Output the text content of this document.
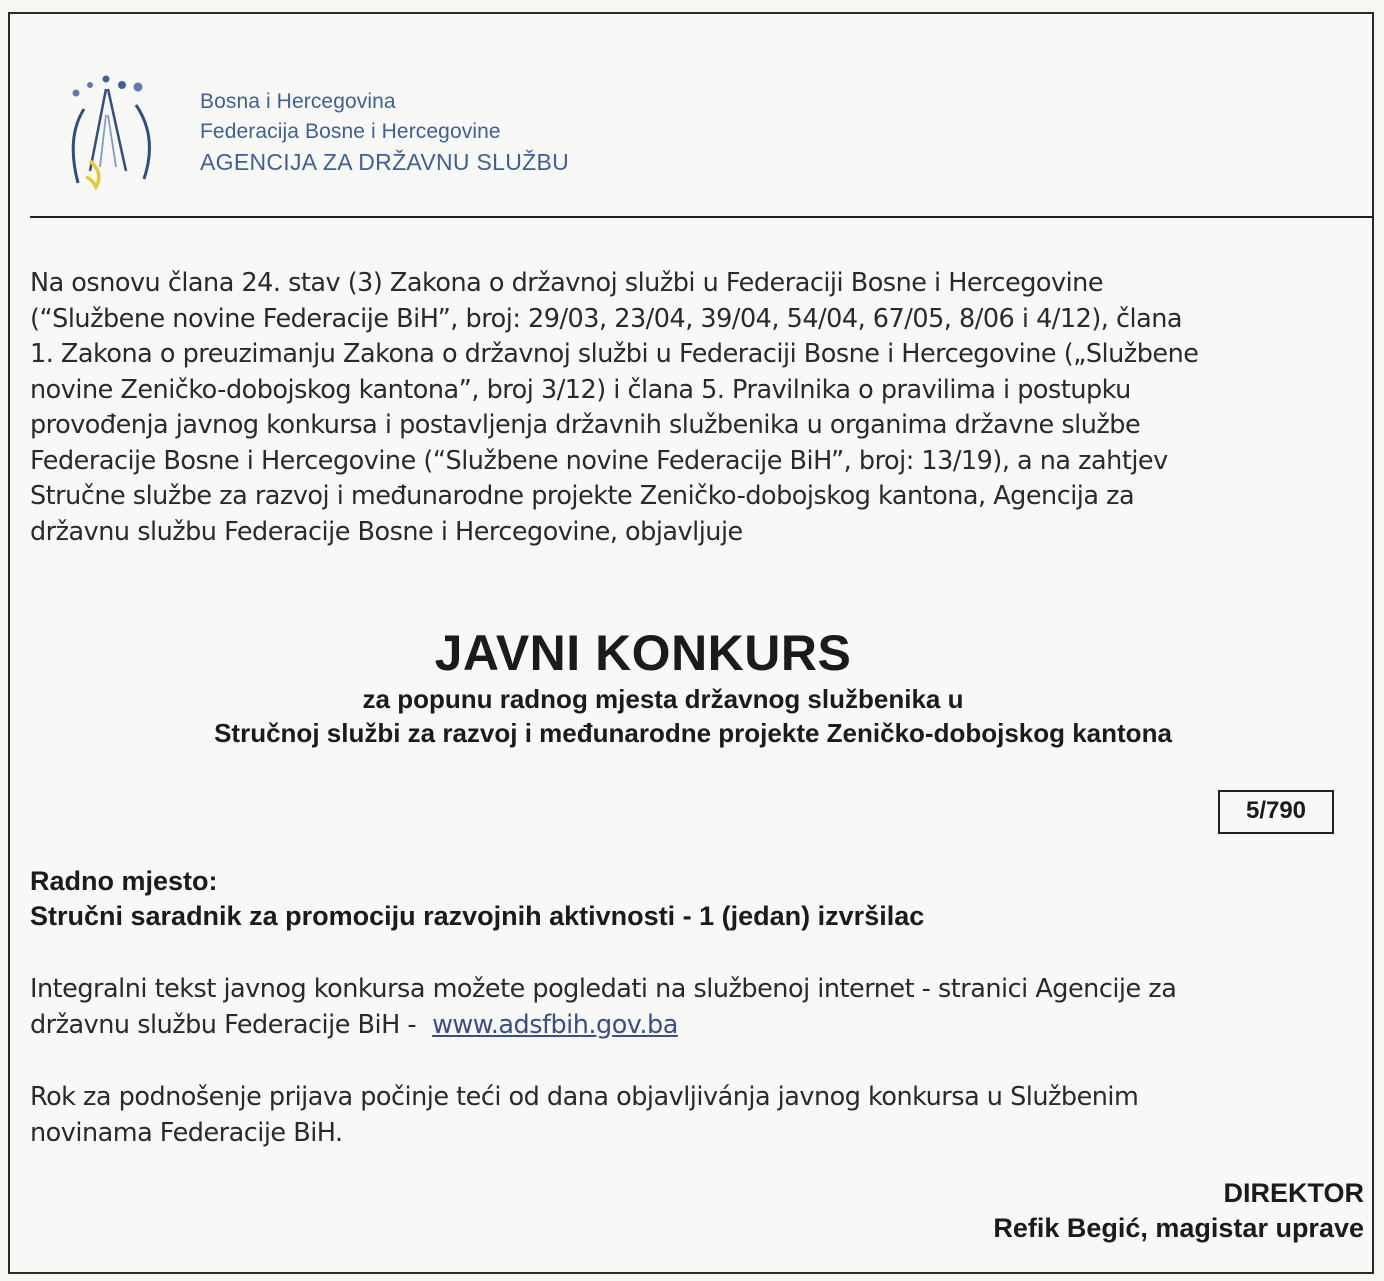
Bosna i Hercegovina
Federacija Bosne i Hercegovine
AGENCIJA ZA DRŽAVNU SLUŽBU
Na osnovu člana 24. stav (3) Zakona o državnoj službi u Federaciji Bosne i Hercegovine
(“Službene novine Federacije BiH”, broj: 29/03, 23/04, 39/04, 54/04, 67/05, 8/06 i 4/12), člana
1. Zakona o preuzimanju Zakona o državnoj službi u Federaciji Bosne i Hercegovine („Službene
novine Zeničko-dobojskog kantona”, broj 3/12) i člana 5. Pravilnika o pravilima i postupku
provođenja javnog konkursa i postavljenja državnih službenika u organima državne službe
Federacije Bosne i Hercegovine (“Službene novine Federacije BiH”, broj: 13/19), a na zahtjev
Stručne službe za razvoj i međunarodne projekte Zeničko-dobojskog kantona, Agencija za
državnu službu Federacije Bosne i Hercegovine, objavljuje
JAVNI KONKURS
za popunu radnog mjesta državnog službenika u
Stručnoj službi za razvoj i međunarodne projekte Zeničko-dobojskog kantona
5/790
Radno mjesto:
Stručni saradnik za promociju razvojnih aktivnosti - 1 (jedan) izvršilac
Integralni tekst javnog konkursa možete pogledati na službenoj internet - stranici Agencije za
državnu službu Federacije BiH - www.adsfbih.gov.ba
Rok za podnošenje prijava počinje teći od dana objavljivánja javnog konkursa u Službenim
novinama Federacije BiH.
DIREKTOR
Refik Begić, magistar uprave
